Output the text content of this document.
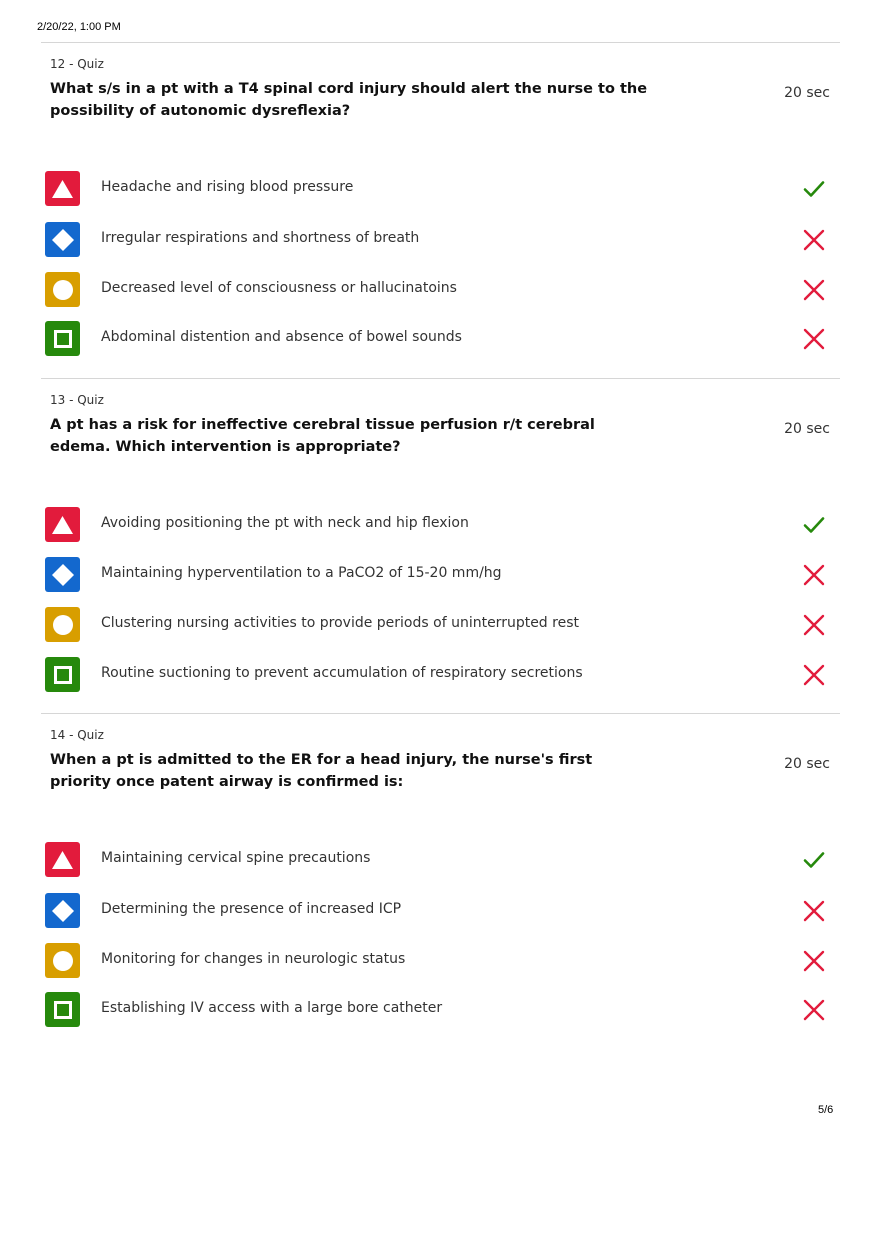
2/20/22, 1:00 PM
12 - Quiz
What s/s in a pt with a T4 spinal cord injury should alert the nurse to the possibility of autonomic dysreflexia?
20 sec
Headache and rising blood pressure
Irregular respirations and shortness of breath
Decreased level of consciousness or hallucinatoins
Abdominal distention and absence of bowel sounds
13 - Quiz
A pt has a risk for ineffective cerebral tissue perfusion r/t cerebral edema. Which intervention is appropriate?
20 sec
Avoiding positioning the pt with neck and hip flexion
Maintaining hyperventilation to a PaCO2 of 15-20 mm/hg
Clustering nursing activities to provide periods of uninterrupted rest
Routine suctioning to prevent accumulation of respiratory secretions
14 - Quiz
When a pt is admitted to the ER for a head injury, the nurse's first priority once patent airway is confirmed is:
20 sec
Maintaining cervical spine precautions
Determining the presence of increased ICP
Monitoring for changes in neurologic status
Establishing IV access with a large bore catheter
5/6
